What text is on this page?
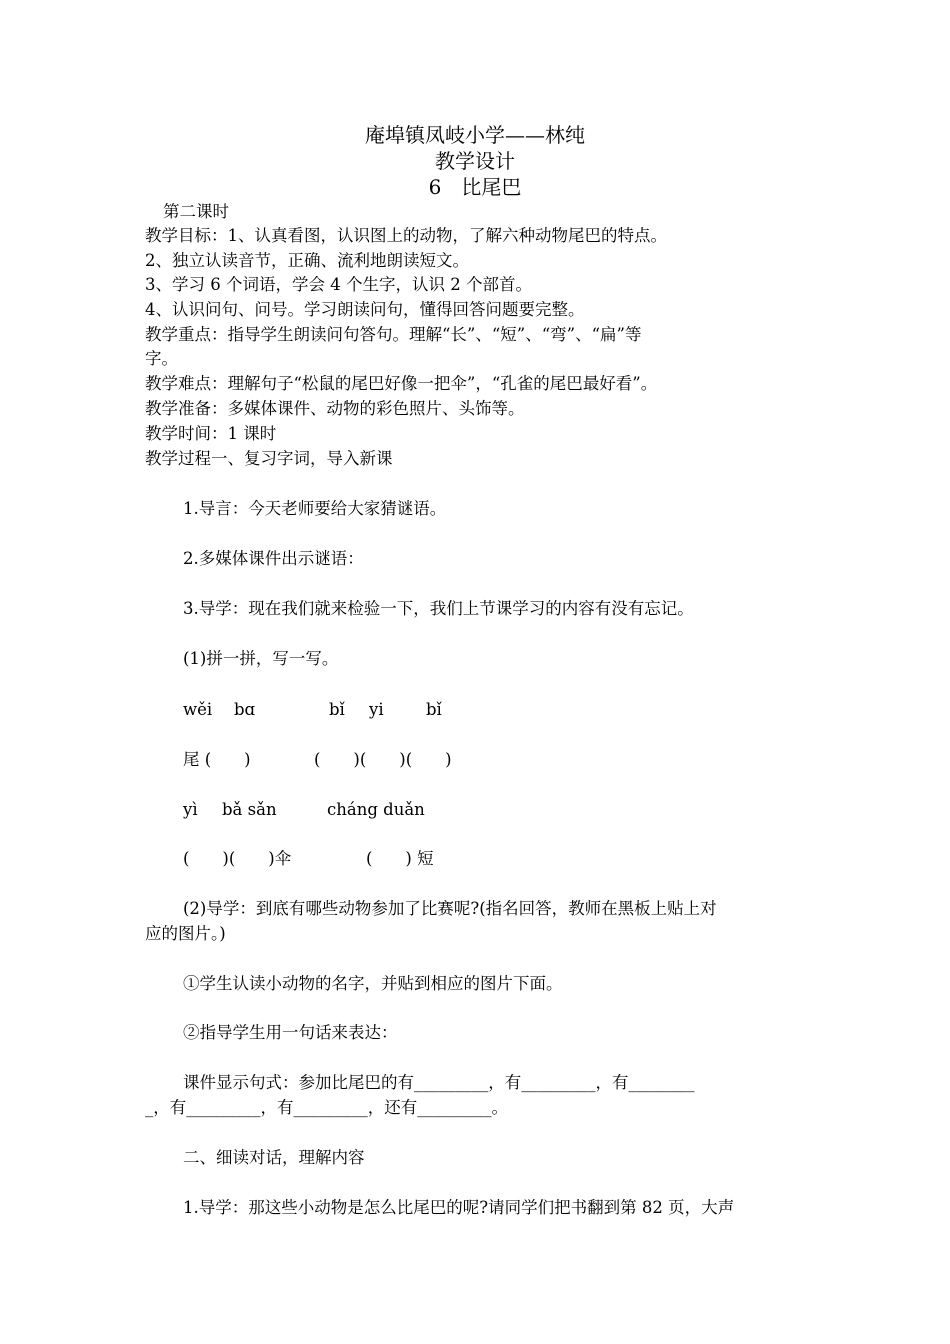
庵埠镇凤岐小学——林纯
教学设计
6　比尾巴
第二课时
教学目标：1、认真看图，认识图上的动物，了解六种动物尾巴的特点。
2、独立认读音节，正确、流利地朗读短文。
3、学习 6 个词语，学会 4 个生字，认识 2 个部首。
4、认识问句、问号。学习朗读问句，懂得回答问题要完整。
教学重点：指导学生朗读问句答句。理解“长”、“短”、“弯”、“扁”等
字。
教学难点：理解句子“松鼠的尾巴好像一把伞”，“孔雀的尾巴最好看”。
教学准备：多媒体课件、动物的彩色照片、头饰等。
教学时间：1 课时
教学过程一、复习字词，导入新课
1.导言：今天老师要给大家猜谜语。
2.多媒体课件出示谜语：
3.导学：现在我们就来检验一下，我们上节课学习的内容有没有忘记。
(1)拼一拼，写一写。
wěi bɑ	bǐ yi	bǐ
尾 (　　)	(　　)(　　)(　　)
yì bǎ sǎn	cháng duǎn
(　　)(　　)伞	(　　) 短
(2)导学：到底有哪些动物参加了比赛呢?(指名回答，教师在黑板上贴上对
应的图片。)
①学生认读小动物的名字，并贴到相应的图片下面。
②指导学生用一句话来表达：
课件显示句式：参加比尾巴的有_________，有_________，有________
_，有_________，有_________，还有_________。
二、细读对话，理解内容
1.导学：那这些小动物是怎么比尾巴的呢?请同学们把书翻到第 82 页，大声
